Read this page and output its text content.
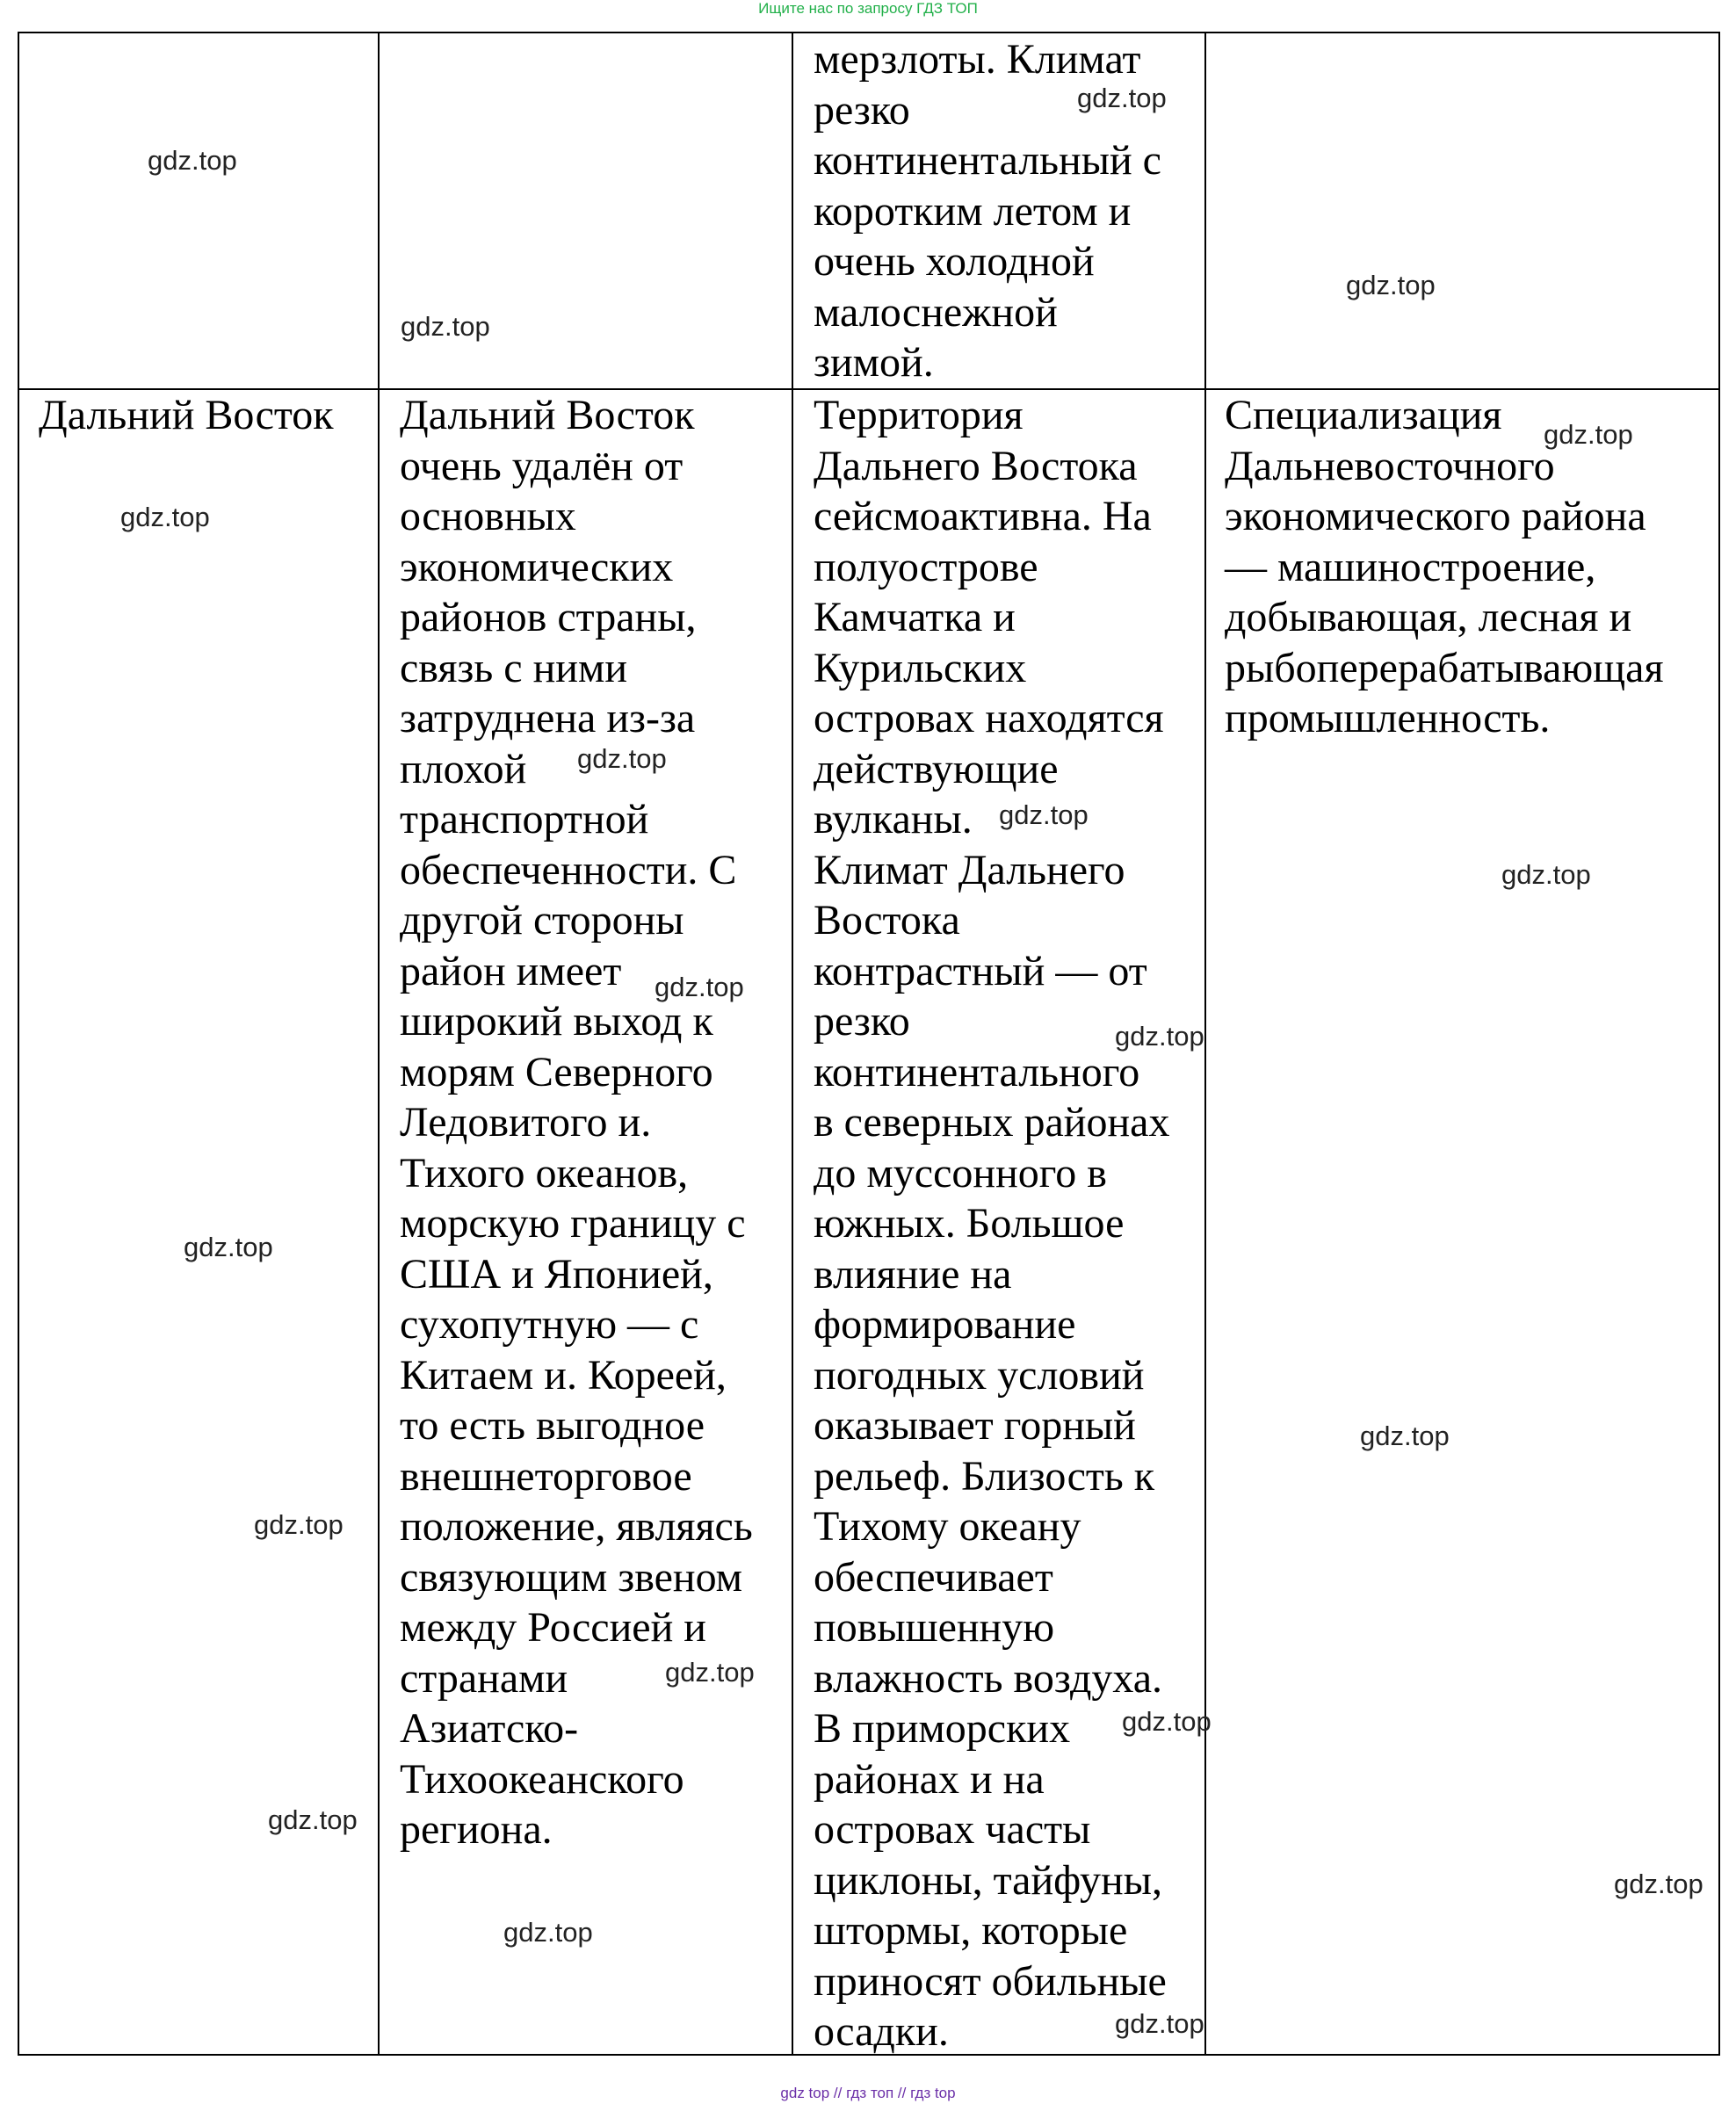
Ищите нас по запросу ГДЗ ТОП

мерзлоты. Климат
резко
континентальный с
коротким летом и
очень холодной
малоснежной
зимой.

Дальний Восток Дальний Восток
очень удалён от
основных
экономических
районов страны,
связь с ними
затруднена из-за
плохой
транспортной
обеспеченности. С
другой стороны
район имеет
широкий выход к
морям Северного
Ледовитого и.
Тихого океанов,
морскую границу с
США и Японией,
сухопутную — с
Китаем и. Кореей,
то есть выгодное
внешнеторговое
положение, являясь
связующим звеном
между Россией и
странами
Азиатско-
Тихоокеанского
региона.

Территория
Дальнего Востока
сейсмоактивна. На
полуострове
Камчатка и
Курильских
островах находятся
действующие
вулканы.
Климат Дальнего
Востока
контрастный — от
резко
континентального
в северных районах
до муссонного в
южных. Большое
влияние на
формирование
погодных условий
оказывает горный
рельеф. Близость к
Тихому океану
обеспечивает
повышенную
влажность воздуха.
В приморских
районах и на
островах часты
циклоны, тайфуны,
штормы, которые
приносят обильные
осадки.

Специализация
Дальневосточного
экономического района
— машиностроение,
добывающая, лесная и
рыбоперерабатывающая
промышленность.

gdz.top
gdz.top
gdz.top
gdz.top
gdz.top
gdz.top
gdz.top
gdz.top
gdz.top
gdz.top
gdz.top
gdz.top
gdz.top
gdz.top
gdz.top
gdz.top
gdz.top
gdz.top
gdz.top
gdz.top
gdz top // гдз топ // гдз top
